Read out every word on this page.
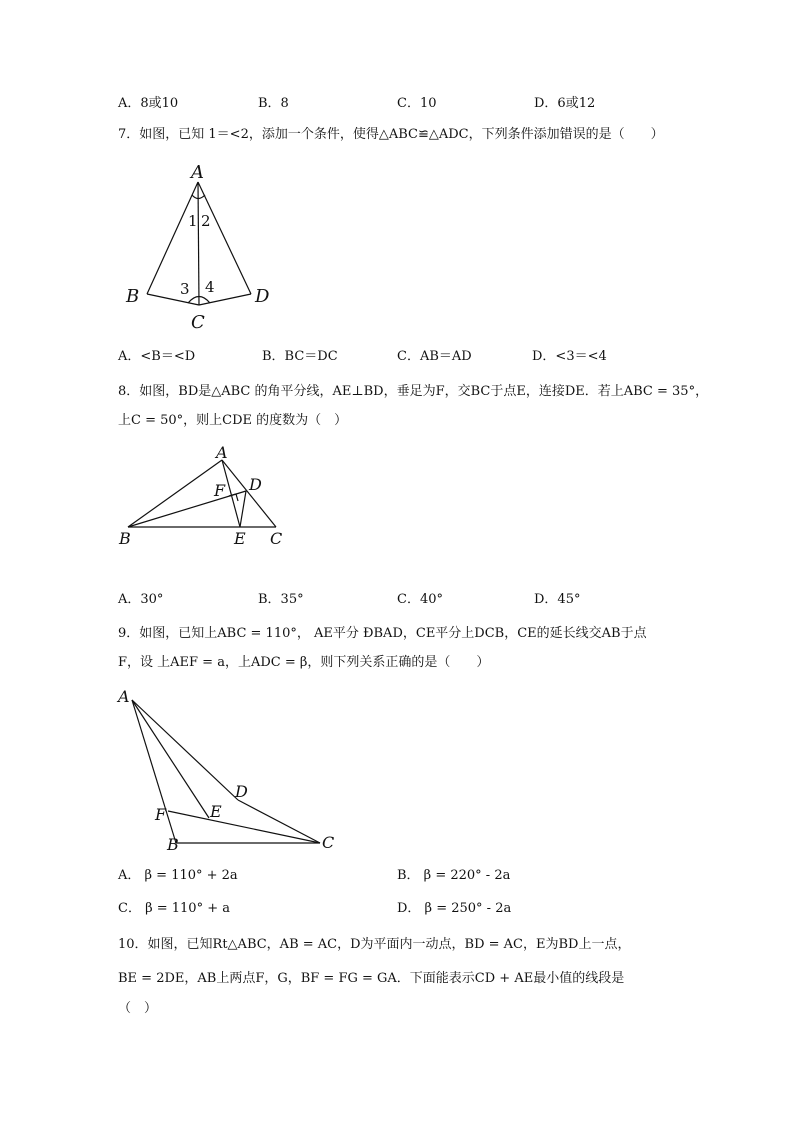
A．8或10	B．8	C．10	D．6或12
7．如图，已知 1＝<2，添加一个条件，使得△ABC≌△ADC，下列条件添加错误的是（　　）
A
B
C
D
1 2
3 4
A．<B＝<D	B．BC＝DC	C．AB＝AD	D．<3＝<4
8．如图，BD是△ABC 的角平分线，AE⊥BD，垂足为F，交BC于点E，连接DE．若上ABC = 35°，
上C = 50°，则上CDE 的度数为（　）
A
B	C
D
E
F
A．30°	B．35°	C．40°	D．45°
9．如图，已知上ABC = 110°， AE平分 ÐBAD，CE平分上DCB，CE的延长线交AB于点
F，设 上AEF = a，上ADC = β，则下列关系正确的是（　　）
A
B	C
D
E
F
A． β = 110° + 2a	B． β = 220° - 2a
C． β = 110° + a	D． β = 250° - 2a
10．如图，已知Rt△ABC，AB = AC，D为平面内一动点，BD = AC，E为BD上一点，
BE = 2DE，AB上两点F，G，BF = FG = GA．下面能表示CD + AE最小值的线段是
（　）
